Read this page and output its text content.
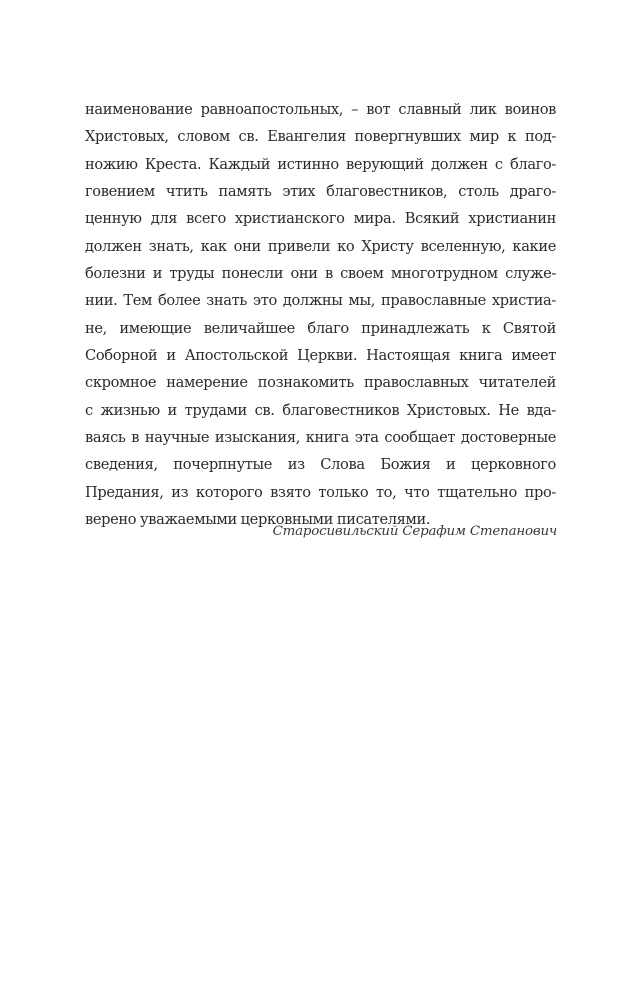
наименование равноапостольных, – вот славный лик воинов
Христовых, словом св. Евангелия повергнувших мир к под-
ножию Креста. Каждый истинно верующий должен с благо-
говением чтить память этих благовестников, столь драго-
ценную для всего христианского мира. Всякий христианин
должен знать, как они привели ко Христу вселенную, какие
болезни и труды понесли они в своем многотрудном служе-
нии. Тем более знать это должны мы, православные христиа-
не, имеющие величайшее благо принадлежать к Святой
Соборной и Апостольской Церкви. Настоящая книга имеет
скромное намерение познакомить православных читателей
с жизнью и трудами св. благовестников Христовых. Не вда-
ваясь в научные изыскания, книга эта сообщает достоверные
сведения, почерпнутые из Слова Божия и церковного
Предания, из которого взято только то, что тщательно про-
верено уважаемыми церковными писателями.
Старосивильский Серафим Степанович
